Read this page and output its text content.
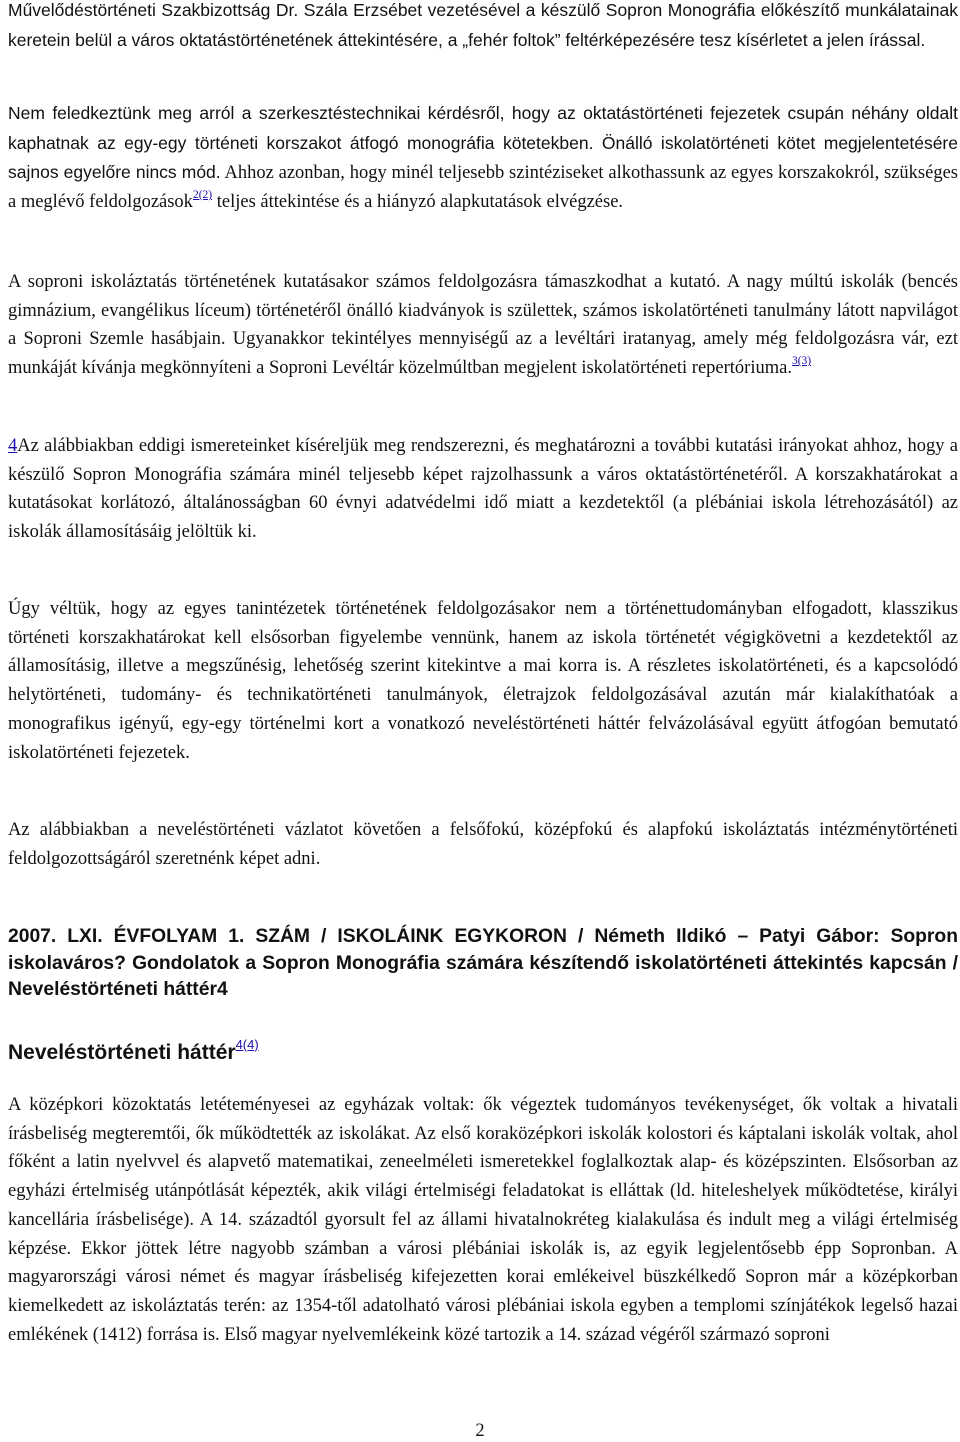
Művelődéstörténeti Szakbizottság Dr. Szála Erzsébet vezetésével a készülő Sopron Monográfia előkészítő munkálatainak keretein belül a város oktatástörténetének áttekintésére, a „fehér foltok” feltérképezésére tesz kísérletet a jelen írással.

Nem feledkeztünk meg arról a szerkesztéstechnikai kérdésről, hogy az oktatástörténeti fejezetek csupán néhány oldalt kaphatnak az egy-egy történeti korszakot átfogó monográfia kötetekben. Önálló iskolatörténeti kötet megjelentetésére sajnos egyelőre nincs mód. Ahhoz azonban, hogy minél teljesebb szintéziseket alkothassunk az egyes korszakokról, szükséges a meglévő feldolgozások$^{2(2)}$ teljes áttekintése és a hiányzó alapkutatások elvégzése.

A soproni iskoláztatás történetének kutatásakor számos feldolgozásra támaszkodhat a kutató. A nagy múltú iskolák (bencés gimnázium, evangélikus líceum) történetéről önálló kiadványok is születtek, számos iskolatörténeti tanulmány látott napvilágot a Soproni Szemle hasábjain. Ugyanakkor tekintélyes mennyiségű az a levéltári iratanyag, amely még feldolgozásra vár, ezt munkáját kívánja megkönnyíteni a Soproni Levéltár közelmúltban megjelent iskolatörténeti repertóriuma.$^{3(3)}$

4Az alábbiakban eddigi ismereteinket kíséreljük meg rendszerezni, és meghatározni a további kutatási irányokat ahhoz, hogy a készülő Sopron Monográfia számára minél teljesebb képet rajzolhassunk a város oktatástörténetéről. A korszakhatárokat a kutatásokat korlátozó, általánosságban 60 évnyi adatvédelmi idő miatt a kezdetektől (a plébániai iskola létrehozásától) az iskolák államosításáig jelöltük ki.

Úgy véltük, hogy az egyes tanintézetek történetének feldolgozásakor nem a történettudományban elfogadott, klasszikus történeti korszakhatárokat kell elsősorban figyelembe vennünk, hanem az iskola történetét végigkövetni a kezdetektől az államosításig, illetve a megszűnésig, lehetőség szerint kitekintve a mai korra is. A részletes iskolatörténeti, és a kapcsolódó helytörténeti, tudomány- és technikatörténeti tanulmányok, életrajzok feldolgozásával azután már kialakíthatóak a monografikus igényű, egy-egy történelmi kort a vonatkozó neveléstörténeti háttér felvázolásával együtt átfogóan bemutató iskolatörténeti fejezetek.

Az alábbiakban a neveléstörténeti vázlatot követően a felsőfokú, középfokú és alapfokú iskoláztatás intézménytörténeti feldolgozottságáról szeretnénk képet adni.

2007. LXI. ÉVFOLYAM 1. SZÁM / ISKOLÁINK EGYKORON / Németh Ildikó – Patyi Gábor: Sopron iskolaváros? Gondolatok a Sopron Monográfia számára készítendő iskolatörténeti áttekintés kapcsán / Neveléstörténeti háttér4

Neveléstörténeti háttér$^{4(4)}$

A középkori közoktatás letéteményesei az egyházak voltak: ők végeztek tudományos tevékenységet, ők voltak a hivatali írásbeliség megteremtői, ők működtették az iskolákat. Az első koraközépkori iskolák kolostori és káptalani iskolák voltak, ahol főként a latin nyelvvel és alapvető matematikai, zeneelméleti ismeretekkel foglalkoztak alap- és középszinten. Elsősorban az egyházi értelmiség utánpótlását képezték, akik világi értelmiségi feladatokat is elláttak (ld. hiteleshelyek működtetése, királyi kancellária írásbelisége). A 14. századtól gyorsult fel az állami hivatalnokréteg kialakulása és indult meg a világi értelmiség képzése. Ekkor jöttek létre nagyobb számban a városi plébániai iskolák is, az egyik legjelentősebb épp Sopronban. A magyarországi városi német és magyar írásbeliség kifejezetten korai emlékeivel büszkélkedő Sopron már a középkorban kiemelkedett az iskoláztatás terén: az 1354-től adatolható városi plébániai iskola egyben a templomi színjátékok legelső hazai emlékének (1412) forrása is. Első magyar nyelvemlékeink közé tartozik a 14. század végéről származó soproni

2
